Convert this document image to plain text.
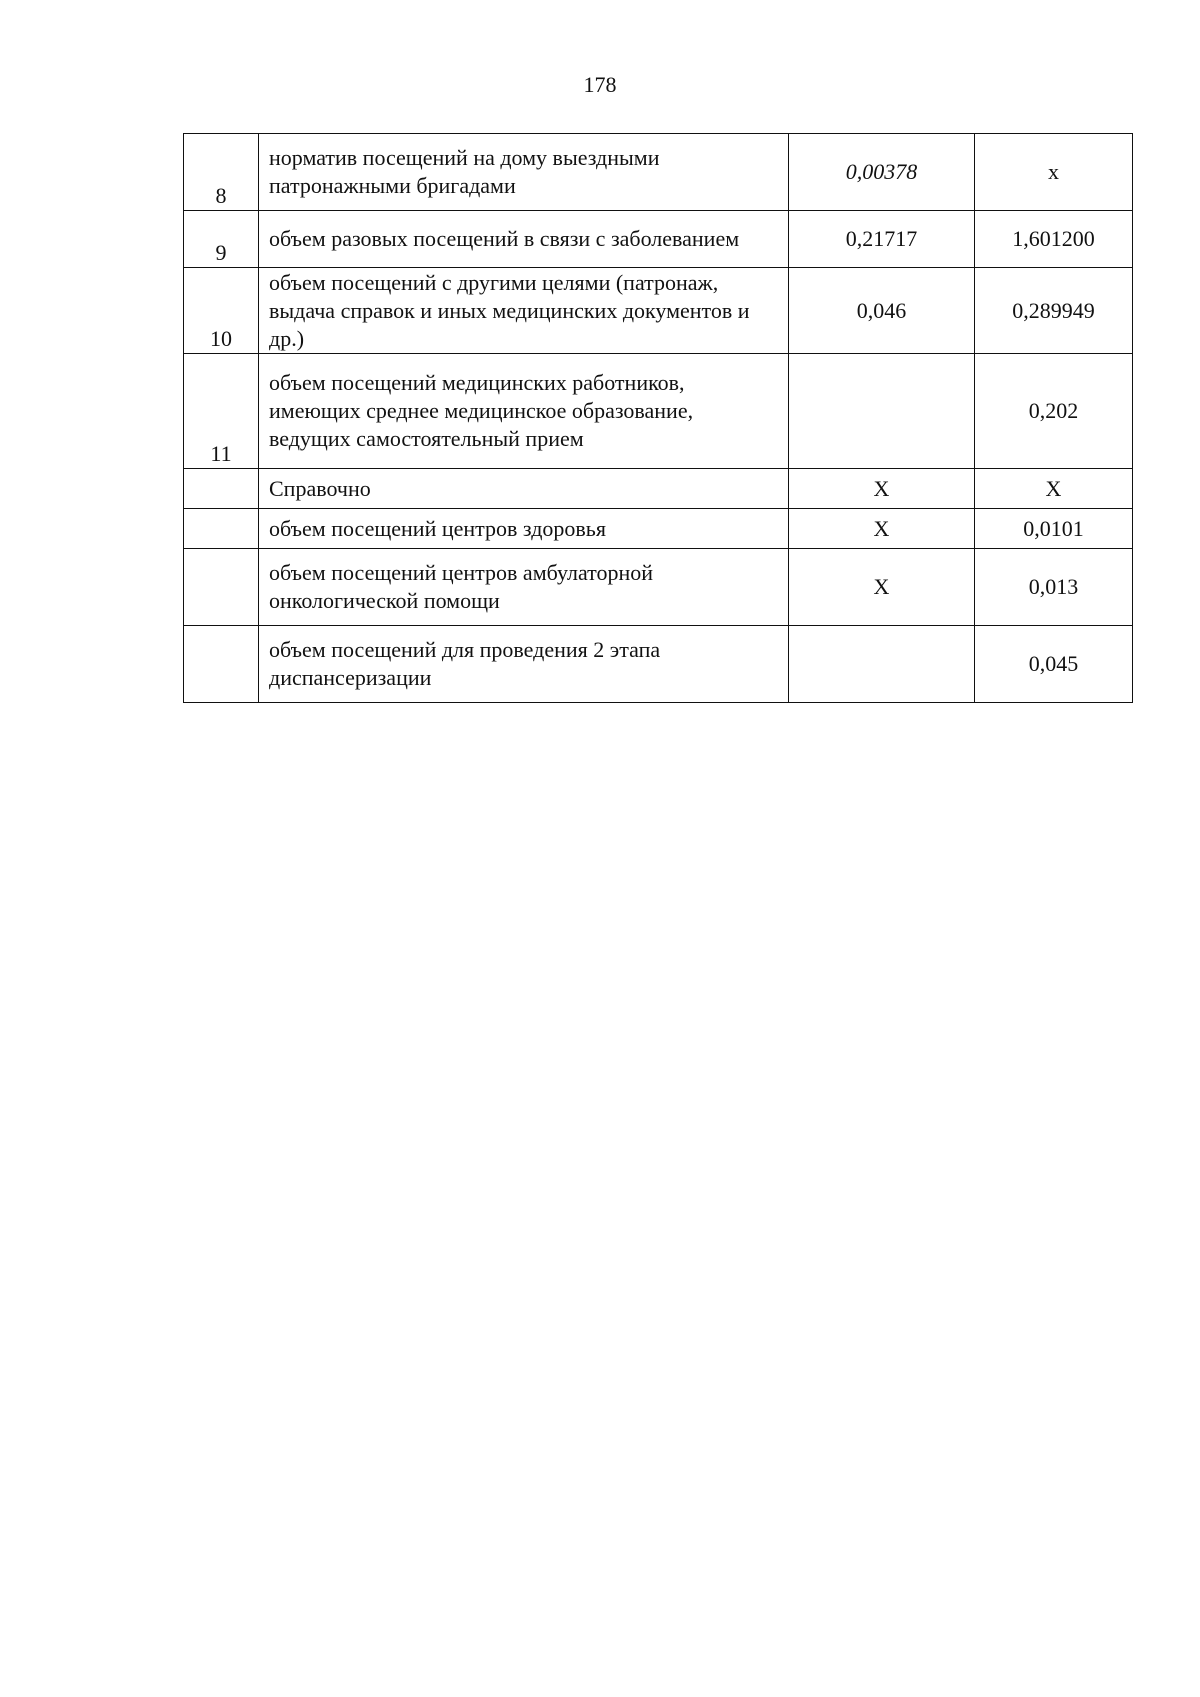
178
8	норматив посещений на дому выездными патронажными бригадами	0,00378	х
9	объем разовых посещений в связи с заболеванием	0,21717	1,601200
10	объем посещений с другими целями (патронаж, выдача справок и иных медицинских документов и др.)	0,046	0,289949
11	объем посещений медицинских работников, имеющих среднее медицинское образование, ведущих самостоятельный прием		0,202
	Справочно	X	X
	объем посещений центров здоровья	X	0,0101
	объем посещений центров амбулаторной онкологической помощи	X	0,013
	объем посещений для проведения 2 этапа диспансеризации		0,045
